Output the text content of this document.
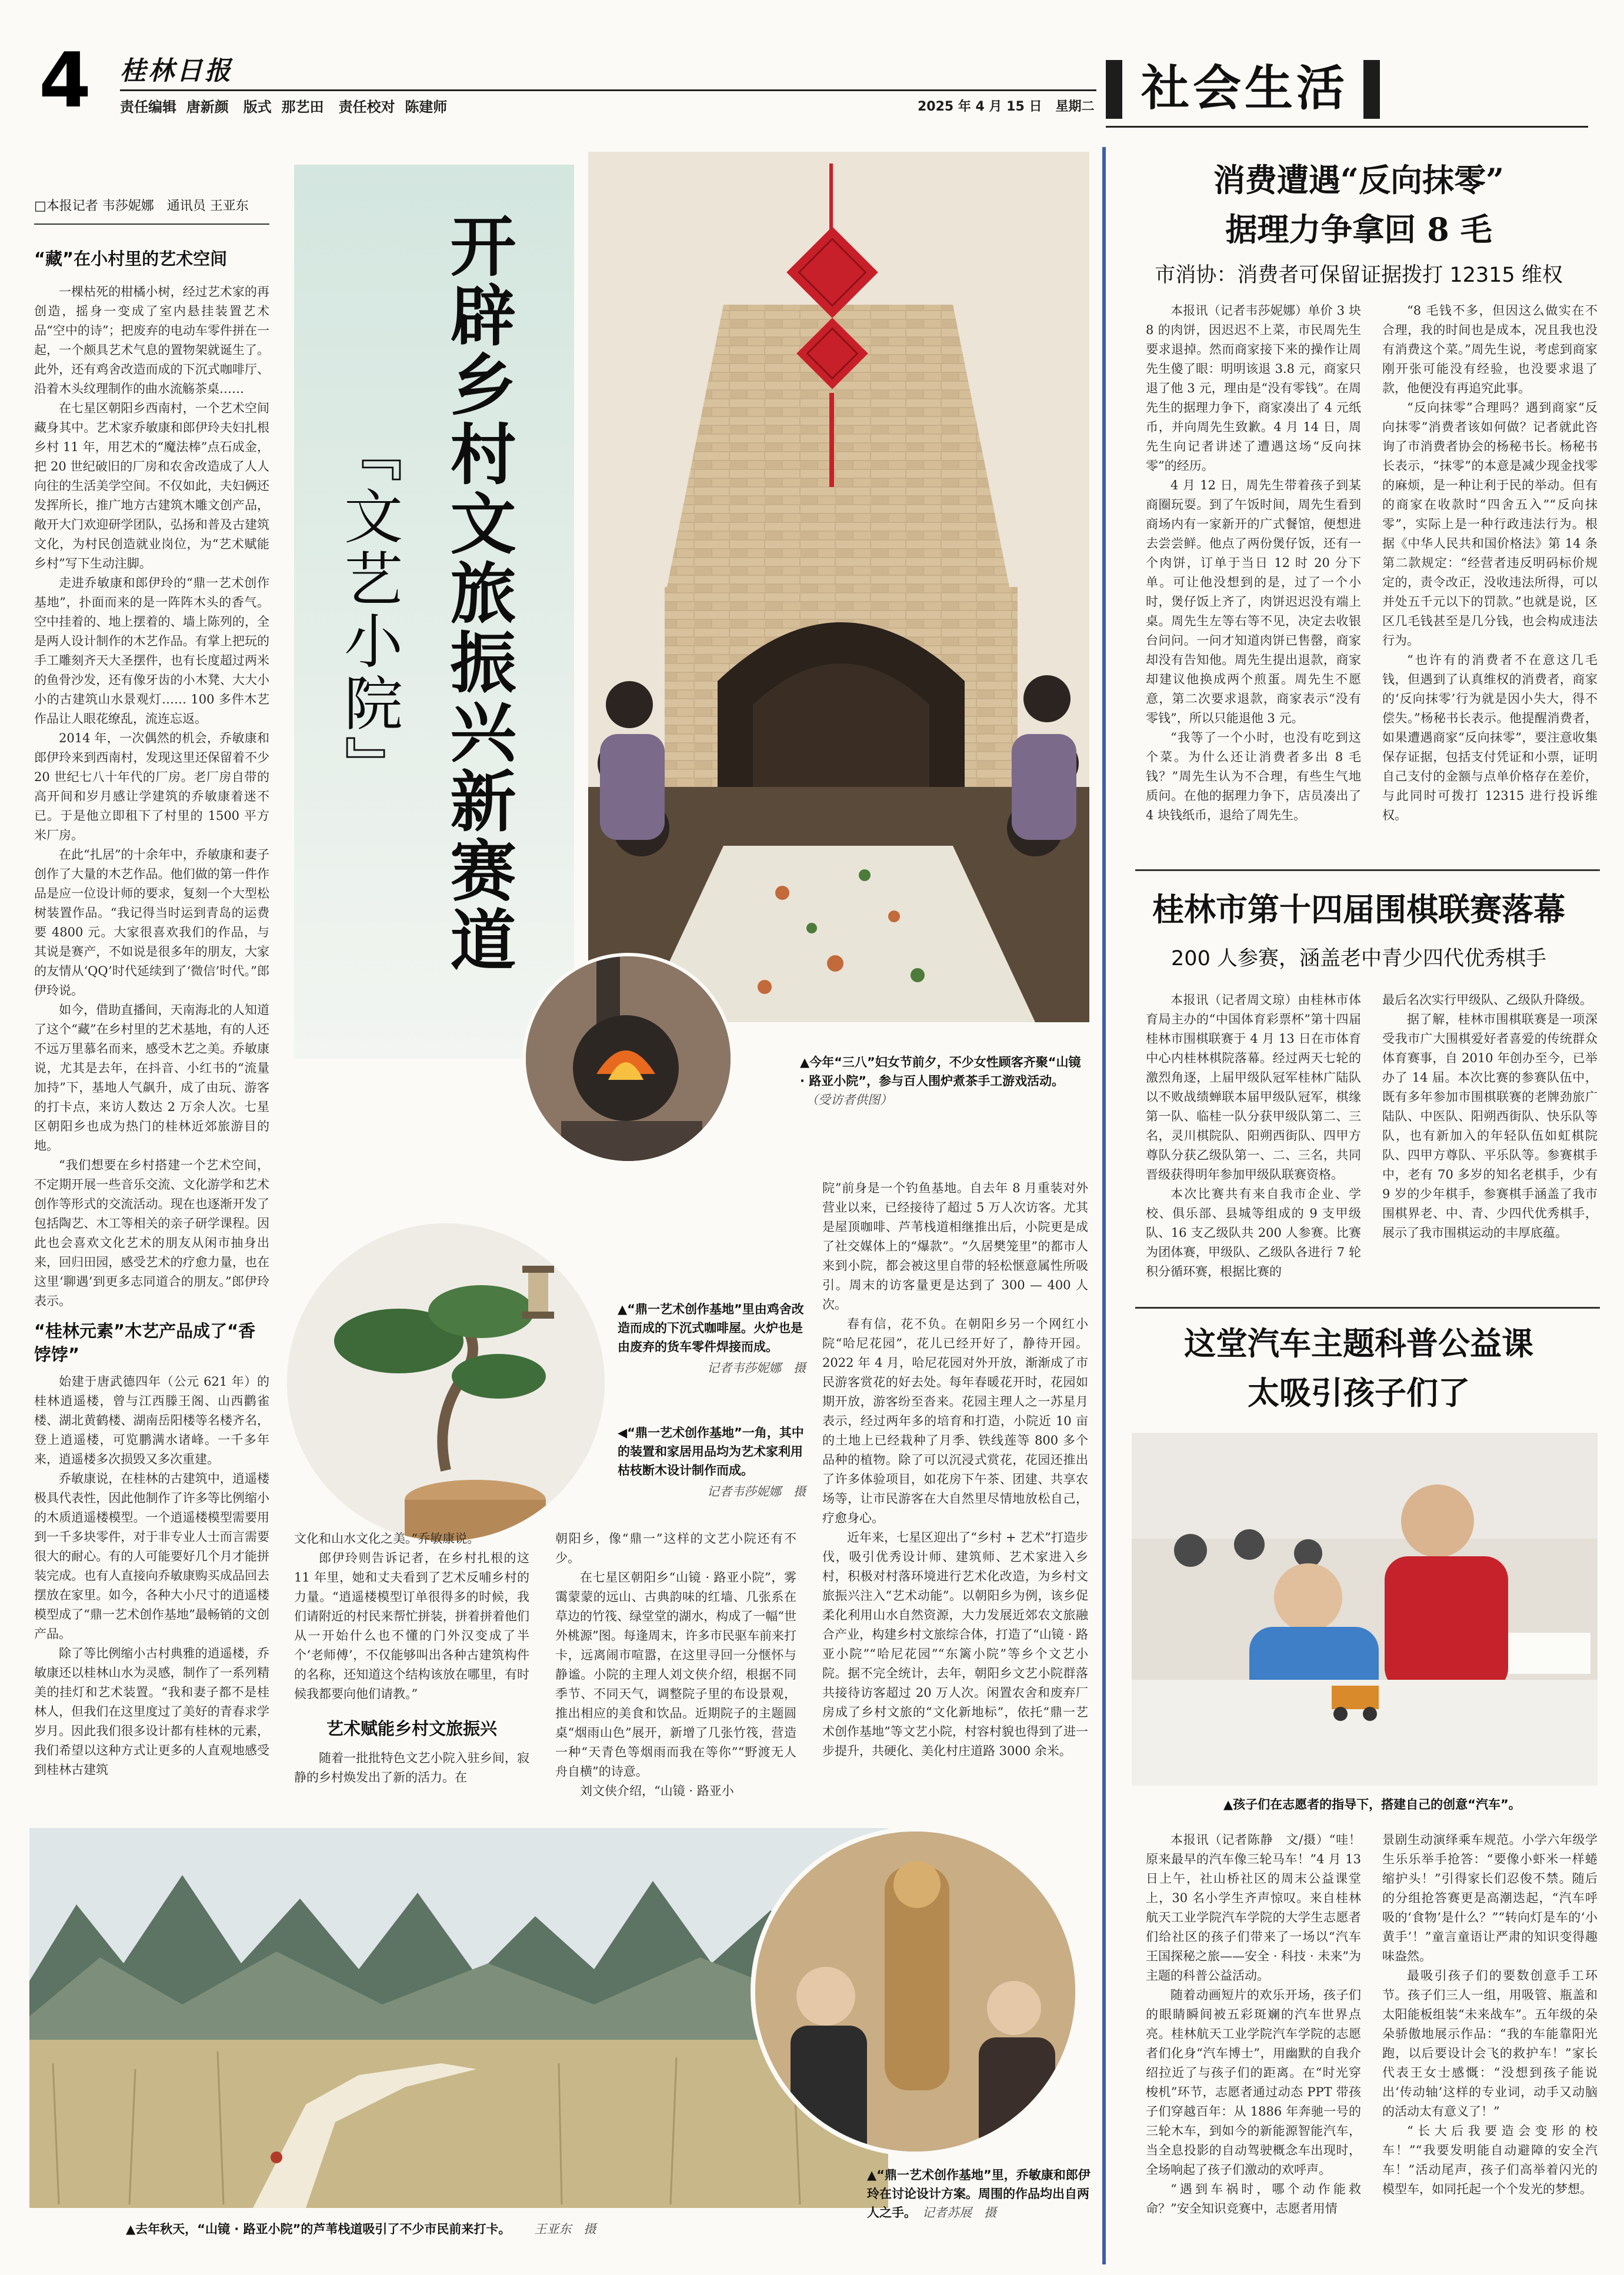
4 桂林日报
责任编辑 唐新颜 版式 那艺田 责任校对 陈建师	2025 年 4 月 15 日 星期二 社会生活
□本报记者 韦莎妮娜　通讯员 王亚东
开辟乡村文旅振兴新赛道
『文艺小院』
“藏”在小村里的艺术空间

一棵枯死的柑橘小树，经过艺术家的再创造，摇身一变成了室内悬挂装置艺术品“空中的诗”；把废弃的电动车零件拼在一起，一个颇具艺术气息的置物架就诞生了。此外，还有鸡舍改造而成的下沉式咖啡厅、沿着木头纹理制作的曲水流觞茶桌……

在七星区朝阳乡西南村，一个艺术空间藏身其中。艺术家乔敏康和郎伊玲夫妇扎根乡村 11 年，用艺术的“魔法棒”点石成金，把 20 世纪破旧的厂房和农舍改造成了人人向往的生活美学空间。不仅如此，夫妇俩还发挥所长，推广地方古建筑木雕文创产品，敞开大门欢迎研学团队，弘扬和普及古建筑文化，为村民创造就业岗位，为“艺术赋能乡村”写下生动注脚。

走进乔敏康和郎伊玲的“鼎一艺术创作基地”，扑面而来的是一阵阵木头的香气。空中挂着的、地上摆着的、墙上陈列的，全是两人设计制作的木艺作品。有掌上把玩的手工雕刻齐天大圣摆件，也有长度超过两米的鱼骨沙发，还有像牙齿的小木凳、大大小小的古建筑山水景观灯…… 100 多件木艺作品让人眼花缭乱，流连忘返。

2014 年，一次偶然的机会，乔敏康和郎伊玲来到西南村，发现这里还保留着不少 20 世纪七八十年代的厂房。老厂房自带的高开间和岁月感让学建筑的乔敏康着迷不已。于是他立即租下了村里的 1500 平方米厂房。

在此“扎居”的十余年中，乔敏康和妻子创作了大量的木艺作品。他们做的第一件作品是应一位设计师的要求，复刻一个大型松树装置作品。“我记得当时运到青岛的运费要 4800 元。大家很喜欢我们的作品，与其说是赛产，不如说是很多年的朋友，大家的友情从‘QQ’时代延续到了‘微信’时代。”郎伊玲说。

如今，借助直播间，天南海北的人知道了这个“藏”在乡村里的艺术基地，有的人还不远万里慕名而来，感受木艺之美。乔敏康说，尤其是去年，在抖音、小红书的“流量加持”下，基地人气飙升，成了由玩、游客的打卡点，来访人数达 2 万余人次。七星区朝阳乡也成为热门的桂林近郊旅游目的地。

“我们想要在乡村搭建一个艺术空间，不定期开展一些音乐交流、文化游学和艺术创作等形式的交流活动。现在也逐渐开发了包括陶艺、木工等相关的亲子研学课程。因此也会喜欢文化艺术的朋友从闲市抽身出来，回归田园，感受艺术的疗愈力量，也在这里‘聊遇’到更多志同道合的朋友。”郎伊玲表示。

“桂林元素”木艺产品成了“香饽饽”

始建于唐武德四年（公元 621 年）的桂林逍遥楼，曾与江西滕王阁、山西鹳雀楼、湖北黄鹤楼、湖南岳阳楼等名楼齐名，登上逍遥楼，可览鹏满水诸峰。一千多年来，逍遥楼多次损毁又多次重建。

乔敏康说，在桂林的古建筑中，逍遥楼极具代表性，因此他制作了许多等比例缩小的木质逍遥楼模型。一个逍遥楼模型需要用到一千多块零件，对于非专业人士而言需要很大的耐心。有的人可能要好几个月才能拼装完成。也有人直接向乔敏康购买成品回去摆放在家里。如今，各种大小尺寸的逍遥楼模型成了“鼎一艺术创作基地”最畅销的文创产品。

除了等比例缩小古村典雅的逍遥楼，乔敏康还以桂林山水为灵感，制作了一系列精美的挂灯和艺术装置。“我和妻子都不是桂林人，但我们在这里度过了美好的青春求学岁月。因此我们很多设计都有桂林的元素，我们希望以这种方式让更多的人直观地感受到桂林古建筑

▲今年“三八”妇女节前夕，不少女性顾客齐聚“山镜 · 路亚小院”，参与百人围炉煮茶手工游戏活动。（受访者供图）
▲“鼎一艺术创作基地”里由鸡舍改造而成的下沉式咖啡屋。火炉也是由废弃的货车零件焊接而成。
记者韦莎妮娜　摄
◀“鼎一艺术创作基地”一角，其中的装置和家居用品均为艺术家利用枯枝断木设计制作而成。
记者韦莎妮娜　摄

文化和山水文化之美。”乔敏康说。

郎伊玲则告诉记者，在乡村扎根的这 11 年里，她和丈夫看到了艺术反哺乡村的力量。“逍遥楼模型订单很得多的时候，我们请附近的村民来帮忙拼装，拼着拼着他们从一开始什么也不懂的门外汉变成了半个‘老师傅’，不仅能够叫出各种古建筑构件的名称，还知道这个结构该放在哪里，有时候我都要向他们请教。”

艺术赋能乡村文旅振兴

随着一批批特色文艺小院入驻乡间，寂静的乡村焕发出了新的活力。在

朝阳乡，像“鼎一”这样的文艺小院还有不少。

在七星区朝阳乡“山镜 · 路亚小院”，雾霭蒙蒙的远山、古典韵味的红墙、几张系在草边的竹筏、绿堂堂的湖水，构成了一幅“世外桃源”图。每逢周末，许多市民驱车前来打卡，远离闹市喧嚣，在这里寻回一分惬怀与静谧。小院的主理人刘文侠介绍，根据不同季节、不同天气，调整院子里的布设景观，推出相应的美食和饮品。近期院子的主题圆桌“烟雨山色”展开，新增了几张竹筏，营造一种“天青色等烟雨而我在等你”“野渡无人舟自横”的诗意。

刘文侠介绍，“山镜 · 路亚小

院”前身是一个钓鱼基地。自去年 8 月重装对外营业以来，已经接待了超过 5 万人次访客。尤其是屋顶咖啡、芦苇栈道相继推出后，小院更是成了社交媒体上的“爆款”。“久居樊笼里”的都市人来到小院，都会被这里自带的轻松惬意属性所吸引。周末的访客量更是达到了 300 — 400 人次。

春有信，花不负。在朝阳乡另一个网红小院“哈尼花园”，花儿已经开好了，静待开园。2022 年 4 月，哈尼花园对外开放，渐渐成了市民游客赏花的好去处。每年春暖花开时，花园如期开放，游客纷至沓来。花园主理人之一苏星月表示，经过两年多的培育和打造，小院近 10 亩的土地上已经栽种了月季、铁线莲等 800 多个品种的植物。除了可以沉浸式赏花，花园还推出了许多体验项目，如花房下午茶、团建、共享农场等，让市民游客在大自然里尽情地放松自己，疗愈身心。

近年来，七星区迎出了“乡村 + 艺术”打造步伐，吸引优秀设计师、建筑师、艺术家进入乡村，积极对村落环境进行艺术化改造，为乡村文旅振兴注入“艺术动能”。以朝阳乡为例，该乡促柔化利用山水自然资源，大力发展近郊农文旅融合产业，构建乡村文旅综合体，打造了“山镜 · 路亚小院”“哈尼花园”“东篱小院”等乡个文艺小院。据不完全统计，去年，朝阳乡文艺小院群落共接待访客超过 20 万人次。闲置农舍和废弃厂房成了乡村文旅的“文化新地标”，依托“鼎一艺术创作基地”等文艺小院，村容村貌也得到了进一步提升，共硬化、美化村庄道路 3000 余米。

▲去年秋天，“山镜 · 路亚小院”的芦苇栈道吸引了不少市民前来打卡。 王亚东　摄
▲“鼎一艺术创作基地”里，乔敏康和郎伊玲在讨论设计方案。周围的作品均出自两人之手。 记者苏展　摄
消费遭遇“反向抹零”
据理力争拿回 8 毛
市消协：消费者可保留证据拨打 12315 维权

本报讯（记者韦莎妮娜）单价 3 块 8 的肉饼，因迟迟不上菜，市民周先生要求退掉。然而商家接下来的操作让周先生傻了眼：明明该退 3.8 元，商家只退了他 3 元，理由是“没有零钱”。在周先生的据理力争下，商家凑出了 4 元纸币，并向周先生致歉。4 月 14 日，周先生向记者讲述了遭遇这场“反向抹零”的经历。

4 月 12 日，周先生带着孩子到某商圈玩耍。到了午饭时间，周先生看到商场内有一家新开的广式餐馆，便想进去尝尝鲜。他点了两份煲仔饭，还有一个肉饼，订单于当日 12 时 20 分下单。可让他没想到的是，过了一个小时，煲仔饭上齐了，肉饼迟迟没有端上桌。周先生左等右等不见，决定去收银台问问。一问才知道肉饼已售罄，商家却没有告知他。周先生提出退款，商家却建议他换成两个煎蛋。周先生不愿意，第二次要求退款，商家表示“没有零钱”，所以只能退他 3 元。

“我等了一个小时，也没有吃到这个菜。为什么还让消费者多出 8 毛钱？”周先生认为不合理，有些生气地质问。在他的据理力争下，店员凑出了 4 块钱纸币，退给了周先生。

“8 毛钱不多，但因这么做实在不合理，我的时间也是成本，况且我也没有消费这个菜。”周先生说，考虑到商家刚开张可能没有经验，也没要求退了款，他便没有再追究此事。

“反向抹零”合理吗？遇到商家“反向抹零”消费者该如何做？记者就此咨询了市消费者协会的杨秘书长。杨秘书长表示，“抹零”的本意是减少现金找零的麻烦，是一种让利于民的举动。但有的商家在收款时“四舍五入”“反向抹零”，实际上是一种行政违法行为。根据《中华人民共和国价格法》第 14 条第二款规定：“经营者违反明码标价规定的，责令改正，没收违法所得，可以并处五千元以下的罚款。”也就是说，区区几毛钱甚至是几分钱，也会构成违法行为。

“也许有的消费者不在意这几毛钱，但遇到了认真维权的消费者，商家的‘反向抹零’行为就是因小失大，得不偿失。”杨秘书长表示。他提醒消费者，如果遭遇商家“反向抹零”，要注意收集保存证据，包括支付凭证和小票，证明自己支付的金额与点单价格存在差价，与此同时可拨打 12315 进行投诉维权。

桂林市第十四届围棋联赛落幕
200 人参赛，涵盖老中青少四代优秀棋手

本报讯（记者周文琼）由桂林市体育局主办的“中国体育彩票杯”第十四届桂林市围棋联赛于 4 月 13 日在市体育中心内桂林棋院落幕。经过两天七轮的激烈角逐，上届甲级队冠军桂林广陆队以不败战绩蝉联本届甲级队冠军，棋缘第一队、临桂一队分获甲级队第二、三名，灵川棋院队、阳朔西街队、四甲方尊队分获乙级队第一、二、三名，共同晋级获得明年参加甲级队联赛资格。

本次比赛共有来自我市企业、学校、俱乐部、县城等组成的 9 支甲级队、16 支乙级队共 200 人参赛。比赛为团体赛，甲级队、乙级队各进行 7 轮积分循环赛，根据比赛的

最后名次实行甲级队、乙级队升降级。

据了解，桂林市围棋联赛是一项深受我市广大围棋爱好者喜爱的传统群众体育赛事，自 2010 年创办至今，已举办了 14 届。本次比赛的参赛队伍中，既有多年参加市围棋联赛的老牌劲旅广陆队、中医队、阳朔西街队、快乐队等队，也有新加入的年轻队伍如虹棋院队、四甲方尊队、平乐队等。参赛棋手中，老有 70 多岁的知名老棋手，少有 9 岁的少年棋手，参赛棋手涵盖了我市围棋界老、中、青、少四代优秀棋手，展示了我市围棋运动的丰厚底蕴。

这堂汽车主题科普公益课
太吸引孩子们了
▲孩子们在志愿者的指导下，搭建自己的创意“汽车”。

本报讯（记者陈静　文/摄）“哇！原来最早的汽车像三轮马车！”4 月 13 日上午，社山桥社区的周末公益课堂上，30 名小学生齐声惊叹。来自桂林航天工业学院汽车学院的大学生志愿者们给社区的孩子们带来了一场以“汽车王国探秘之旅——安全 · 科技 · 未来”为主题的科普公益活动。

随着动画短片的欢乐开场，孩子们的眼睛瞬间被五彩斑斓的汽车世界点亮。桂林航天工业学院汽车学院的志愿者们化身“汽车博士”，用幽默的自我介绍拉近了与孩子们的距离。在“时光穿梭机”环节，志愿者通过动态 PPT 带孩子们穿越百年：从 1886 年奔驰一号的三轮木车，到如今的新能源智能汽车，当全息投影的自动驾驶概念车出现时，全场响起了孩子们激动的欢呼声。

“遇到车祸时，哪个动作能救命？”安全知识竞赛中，志愿者用情

景剧生动演绎乘车规范。小学六年级学生乐乐举手抢答：“要像小虾米一样蜷缩护头！”引得家长们忍俊不禁。随后的分组抢答赛更是高潮迭起，“汽车呼吸的‘食物’是什么？”“转向灯是车的‘小黄手’！”童言童语让严肃的知识变得趣味盎然。

最吸引孩子们的要数创意手工环节。孩子们三人一组，用吸管、瓶盖和太阳能板组装“未来战车”。五年级的朵朵骄傲地展示作品：“我的车能靠阳光跑，以后要设计会飞的救护车！”家长代表王女士感慨：“没想到孩子能说出‘传动轴’这样的专业词，动手又动脑的活动太有意义了！”

“长大后我要造会变形的校车！”“我要发明能自动避障的安全汽车！”活动尾声，孩子们高举着闪光的模型车，如同托起一个个发光的梦想。
